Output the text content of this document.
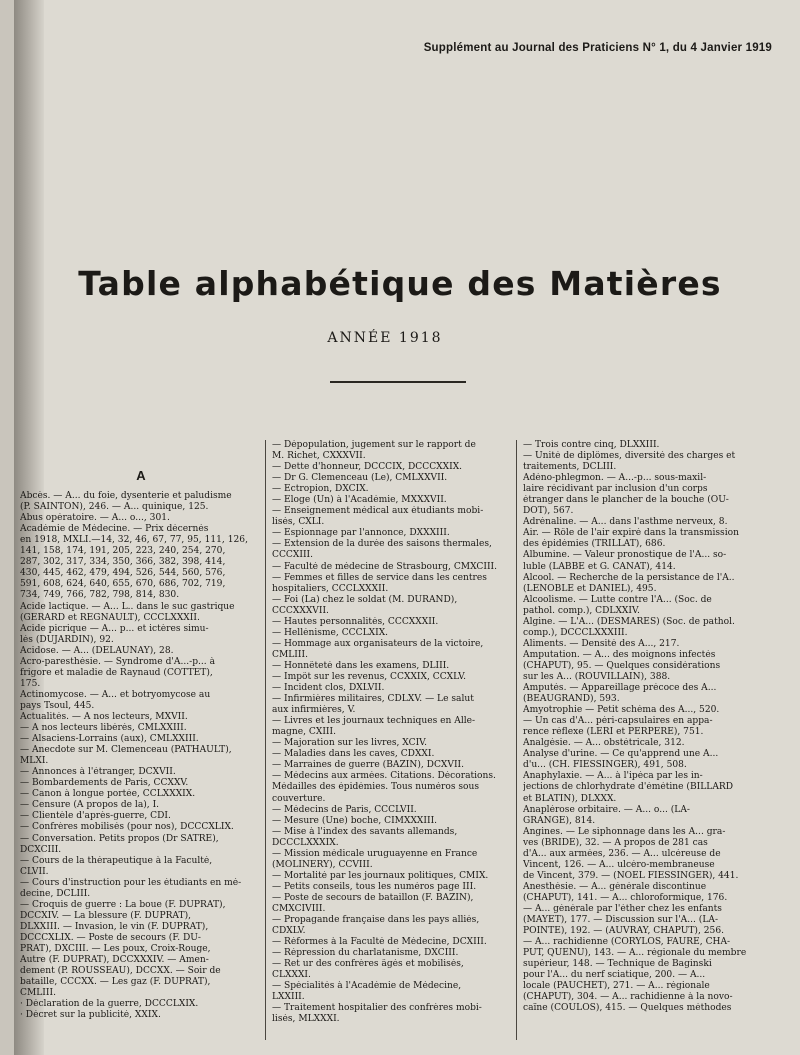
Supplément au Journal des Praticiens N° 1, du 4 Janvier 1919
Table alphabétique des Matières
ANNÉE 1918
A
Abcès. — A... du foie, dysenterie et paludisme
(P. SAINTON), 246. — A... quinique, 125.
Abus opératoire. — A... o..., 301.
Académie de Médecine. — Prix décernés
en 1918, MXLI.—14, 32, 46, 67, 77, 95, 111, 126,
141, 158, 174, 191, 205, 223, 240, 254, 270,
287, 302, 317, 334, 350, 366, 382, 398, 414,
430, 445, 462, 479, 494, 526, 544, 560, 576,
591, 608, 624, 640, 655, 670, 686, 702, 719,
734, 749, 766, 782, 798, 814, 830.
Acide lactique. — A... L.. dans le suc gastrique
(GÉRARD et REGNAULT), CCCLXXXII.
Acide picrique — A... p... et ictères simu-
lés (DUJARDIN), 92.
Acidose. — A... (DELAUNAY), 28.
Acro-paresthésie. — Syndrome d'A...-p... à
frigore et maladie de Raynaud (COTTET),
175.
Actinomycose. — A... et botryomycose au
pays Tsoul, 445.
Actualités. — A nos lecteurs, MXVII.
— A nos lecteurs libérés, CMLXXIII.
— Alsaciens-Lorrains (aux), CMLXXIII.
— Anecdote sur M. Clemenceau (PATHAULT),
MLXI.
— Annonces à l'étranger, DCXVII.
— Bombardements de Paris, CCXXV.
— Canon à longue portée, CCLXXXIX.
— Censure (A propos de la), I.
— Clientèle d'après-guerre, CDI.
— Confrères mobilisés (pour nos), DCCCXLIX.
— Conversation. Petits propos (Dr SATRE),
DCXCIII.
— Cours de la thérapeutique à la Faculté,
CLVII.
— Cours d'instruction pour les étudiants en mé-
decine, DCLIII.
— Croquis de guerre : La boue (F. DUPRAT),
DCCXIV. — La blessure (F. DUPRAT),
DLXXIII. — Invasion, le vin (F. DUPRAT),
DCCCXLIX. — Poste de secours (F. DU-
PRAT), DXCIII. — Les poux, Croix-Rouge,
Autre (F. DUPRAT), DCCXXXIV. — Amen-
dement (P. ROUSSEAU), DCCXX. — Soir de
bataille, CCCXX. — Les gaz (F. DUPRAT),
CMLIII.
· Déclaration de la guerre, DCCCLXIX.
· Décret sur la publicité, XXIX.
— Dépopulation, jugement sur le rapport de
M. Richet, CXXXVII.
— Dette d'honneur, DCCCIX, DCCCXXIX.
— Dr G. Clemenceau (Le), CMLXXVII.
— Ectropion, DXCIX.
— Eloge (Un) à l'Académie, MXXXVII.
— Enseignement médical aux étudiants mobi-
lisés, CXLI.
— Espionnage par l'annonce, DXXXIII.
— Extension de la durée des saisons thermales,
CCCXIII.
— Faculté de médecine de Strasbourg, CMXCIII.
— Femmes et filles de service dans les centres
hospitaliers, CCCLXXXII.
— Foi (La) chez le soldat (M. DURAND),
CCCXXXVII.
— Hautes personnalités, CCCXXXII.
— Hellénisme, CCCLXIX.
— Hommage aux organisateurs de la victoire,
CMLIII.
— Honnêteté dans les examens, DLIII.
— Impôt sur les revenus, CCXXIX, CCXLV.
— Incident clos, DXLVII.
— Infirmières militaires, CDLXV. — Le salut
aux infirmières, V.
— Livres et les journaux techniques en Alle-
magne, CXIII.
— Majoration sur les livres, XCIV.
— Maladies dans les caves, CDXXI.
— Marraines de guerre (BAZIN), DCXVII.
— Médecins aux armées. Citations. Décorations.
Médailles des épidémies. Tous numéros sous
couverture.
— Médecins de Paris, CCCLVII.
— Mesure (Une) boche, CIMXXXIII.
— Mise à l'index des savants allemands,
DCCCLXXXIX.
— Mission médicale uruguayenne en France
(MOLINERY), CCVIII.
— Mortalité par les journaux politiques, CMIX.
— Petits conseils, tous les numéros page III.
— Poste de secours de bataillon (F. BAZIN),
CMXCIVIII.
— Propagande française dans les pays alliés,
CDXLV.
— Réformes à la Faculté de Médecine, DCXIII.
— Répression du charlatanisme, DXCIII.
— Ret ur des confrères âgés et mobilisés,
CLXXXI.
— Spécialités à l'Académie de Médecine,
LXXIII.
— Traitement hospitalier des confrères mobi-
lisés, MLXXXI.
— Trois contre cinq, DLXXIII.
— Unité de diplômes, diversité des charges et
traitements, DCLIII.
Adéno-phlegmon. — A...-p... sous-maxil-
laire récidivant par inclusion d'un corps
étranger dans le plancher de la bouche (OU-
DOT), 567.
Adrénaline. — A... dans l'asthme nerveux, 8.
Air. — Rôle de l'air expiré dans la transmission
des épidémies (TRILLAT), 686.
Albumine. — Valeur pronostique de l'A... so-
luble (LABBÉ et G. CANAT), 414.
Alcool. — Recherche de la persistance de l'A..
(LENOBLE et DANIEL), 495.
Alcoolisme. — Lutte contre l'A... (Soc. de
pathol. comp.), CDLXXIV.
Algine. — L'A... (DESMARES) (Soc. de pathol.
comp.), DCCCLXXXIII.
Aliments. — Densité des A..., 217.
Amputation. — A... des moignons infectés
(CHAPUT), 95. — Quelques considérations
sur les A... (ROUVILLAIN), 388.
Amputés. — Appareillage précoce des A...
(BEAUGRAND), 593.
Amyotrophie — Petit schéma des A..., 520.
— Un cas d'A... péri-capsulaires en appa-
rence réflexe (LÉRI et PERPÈRE), 751.
Analgésie. — A... obstétricale, 312.
Analyse d'urine. — Ce qu'apprend une A...
d'u... (CH. FIESSINGER), 491, 508.
Anaphylaxie. — A... à l'ipéca par les in-
jections de chlorhydrate d'émétine (BILLARD
et BLATIN), DLXXX.
Anaplérose orbitaire. — A... o... (LA-
GRANGE), 814.
Angines. — Le siphonnage dans les A... gra-
ves (BRIDE), 32. — A propos de 281 cas
d'A... aux armées, 236. — A... ulcéreuse de
Vincent, 126. — A... ulcéro-membraneuse
de Vincent, 379. — (NOEL FIESSINGER), 441.
Anesthésie. — A... générale discontinue
(CHAPUT), 141. — A... chloroformique, 176.
— A... générale par l'éther chez les enfants
(MAYET), 177. — Discussion sur l'A... (LA-
POINTE), 192. — (AUVRAY, CHAPUT), 256.
— A... rachidienne (CORYLOS, FAURE, CHA-
PUT, QUÉNU), 143. — A... régionale du membre
supérieur, 148. — Technique de Baginski
pour l'A... du nerf sciatique, 200. — A...
locale (PAUCHET), 271. — A... régionale
(CHAPUT), 304. — A... rachidienne à la novo-
caïne (COULOS), 415. — Quelques méthodes
